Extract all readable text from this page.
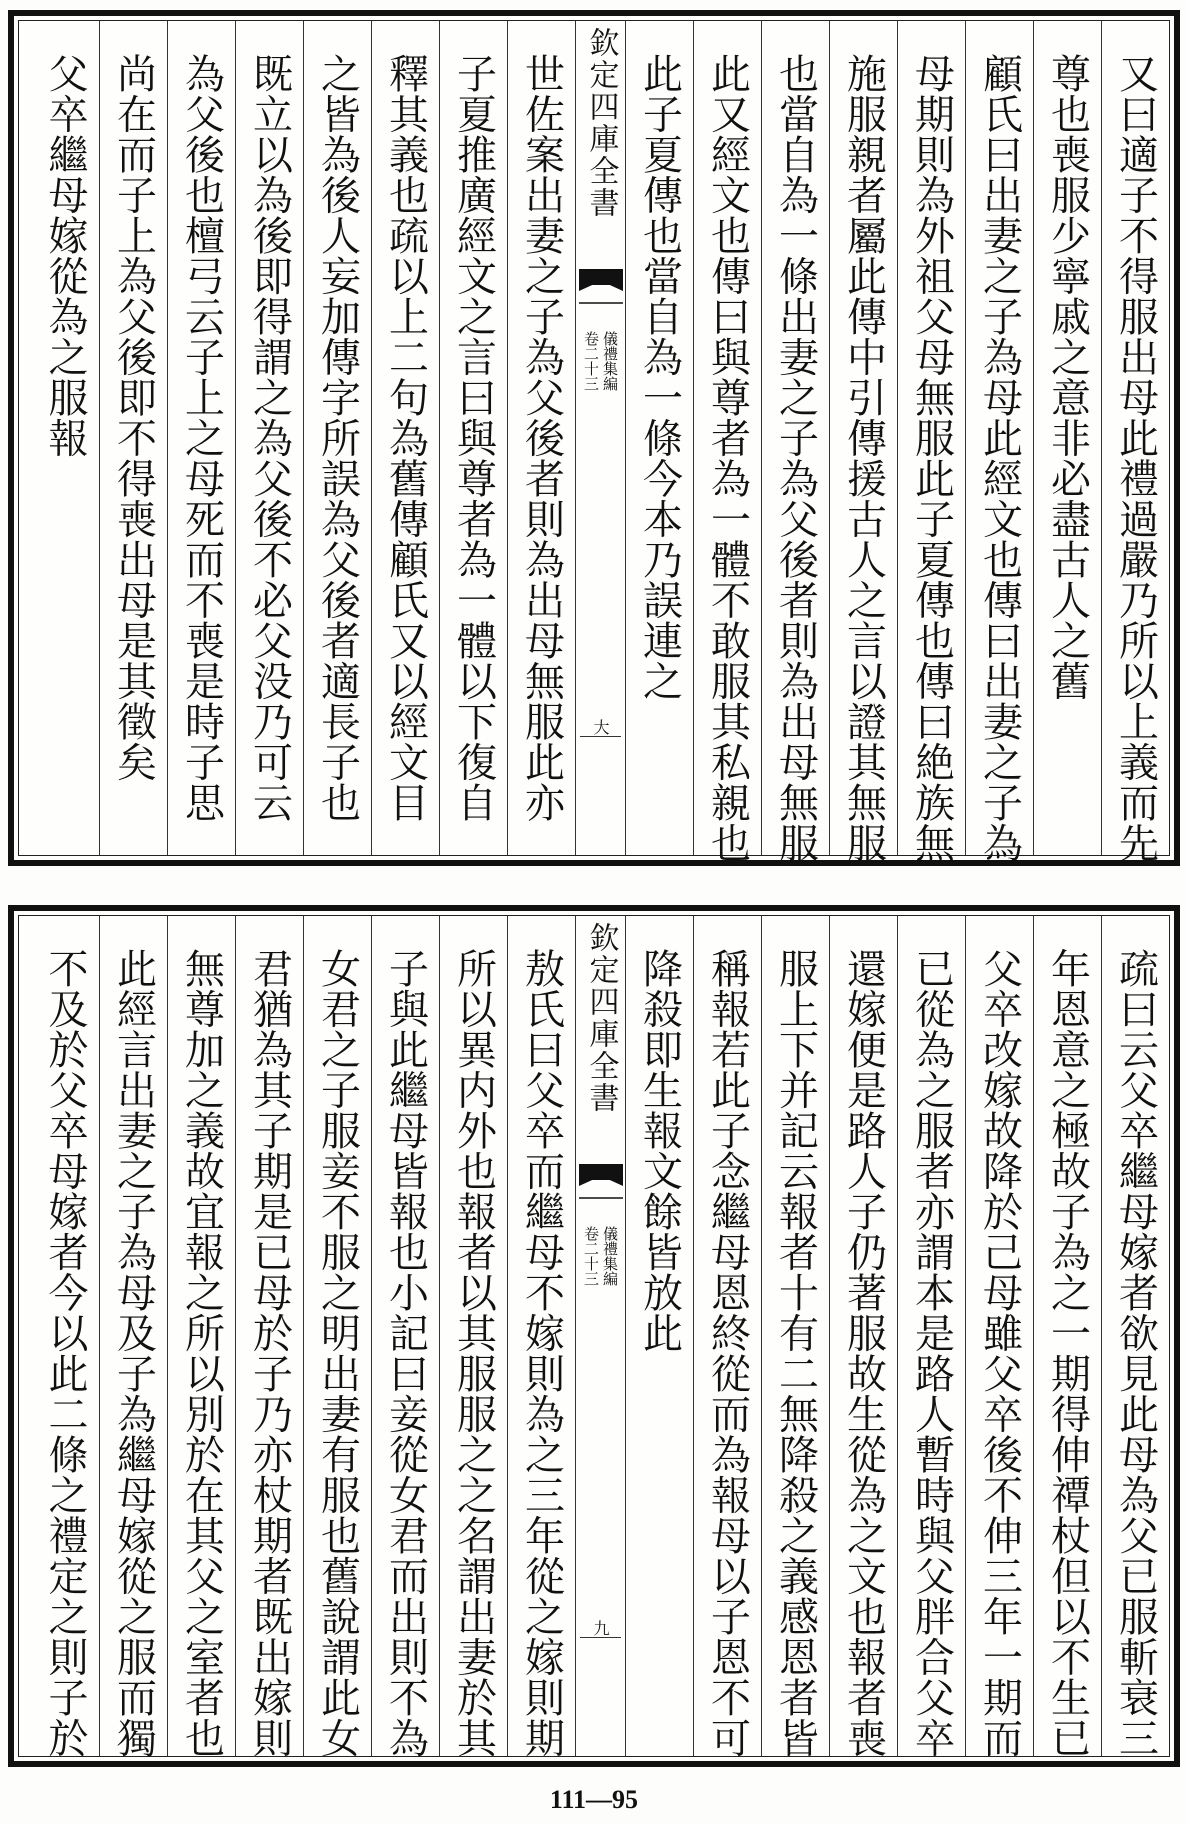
又曰適子不得服出母此禮過嚴乃所以上義而先
尊也喪服少寧戚之意非必盡古人之舊
顧氏曰出妻之子為母此經文也傳曰出妻之子為
母期則為外祖父母無服此子夏傳也傳曰絶族無
施服親者屬此傳中引傳援古人之言以證其無服
也當自為一條出妻之子為父後者則為出母無服
此又經文也傳曰與尊者為一體不敢服其私親也
此子夏傳也當自為一條今本乃誤連之
欽定四庫全書
儀禮集編
卷二十三
大
世佐案出妻之子為父後者則為出母無服此亦
子夏推廣經文之言曰與尊者為一體以下復自
釋其義也疏以上二句為舊傳顧氏又以經文目
之皆為後人妄加傳字所誤為父後者適長子也
既立以為後即得謂之為父後不必父没乃可云
為父後也檀弓云子上之母死而不喪是時子思
尚在而子上為父後即不得喪出母是其徵矣
父卒繼母嫁從為之服報
疏曰云父卒繼母嫁者欲見此母為父已服斬衰三
年恩意之極故子為之一期得伸禫杖但以不生已
父卒改嫁故降於己母雖父卒後不伸三年一期而
已從為之服者亦謂本是路人暫時與父胖合父卒
還嫁便是路人子仍著服故生從為之文也報者喪
服上下并記云報者十有二無降殺之義感恩者皆
稱報若此子念繼母恩終從而為報母以子恩不可
降殺即生報文餘皆放此
欽定四庫全書
儀禮集編
卷二十三
九
敖氏曰父卒而繼母不嫁則為之三年從之嫁則期
所以異内外也報者以其服服之之名謂出妻於其
子與此繼母皆報也小記曰妾從女君而出則不為
女君之子服妾不服之明出妻有服也舊說謂此女
君猶為其子期是已母於子乃亦杖期者既出嫁則
無尊加之義故宜報之所以別於在其父之室者也
此經言出妻之子為母及子為繼母嫁從之服而獨
不及於父卒母嫁者今以此二條之禮定之則子於
111—95
